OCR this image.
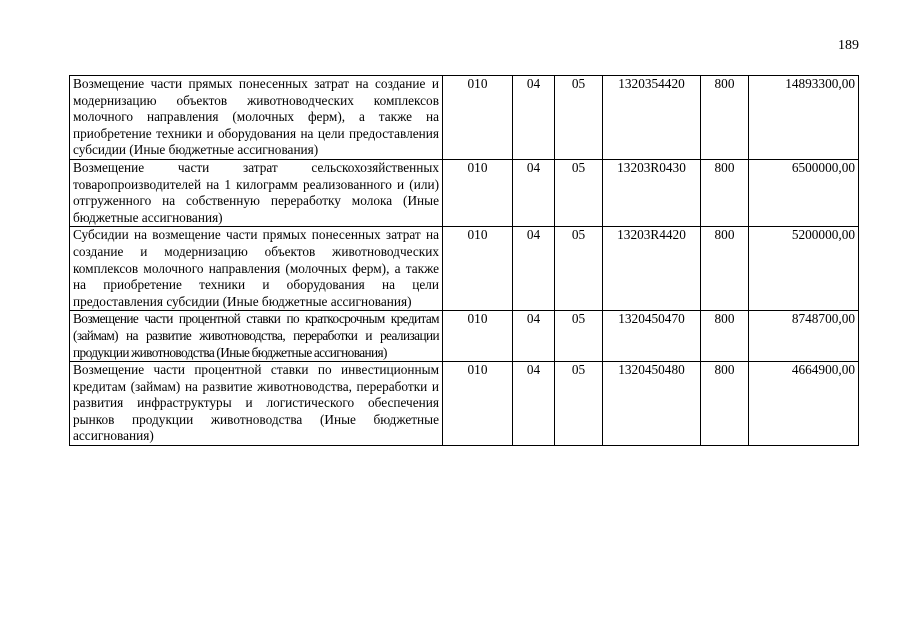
189
Возмещение части прямых понесенных затрат на создание и модернизацию объектов животноводческих комплексов молочного направления (молочных ферм), а также на приобретение техники и оборудования на цели предоставления субсидии (Иные бюджетные ассигнования)	010	04	05	1320354420	800	14893300,00
Возмещение части затрат сельскохозяйственных товаропроизводителей на 1 килограмм реализованного и (или) отгруженного на собственную переработку молока (Иные бюджетные ассигнования)	010	04	05	13203R0430	800	6500000,00
Субсидии на возмещение части прямых понесенных затрат на создание и модернизацию объектов животноводческих комплексов молочного направления (молочных ферм), а также на приобретение техники и оборудования на цели предоставления субсидии (Иные бюджетные ассигнования)	010	04	05	13203R4420	800	5200000,00
Возмещение части процентной ставки по краткосрочным кредитам (займам) на развитие животноводства, переработки и реализации продукции животноводства (Иные бюджетные ассигнования)	010	04	05	1320450470	800	8748700,00
Возмещение части процентной ставки по инвестиционным кредитам (займам) на развитие животноводства, переработки и развития инфраструктуры и логистического обеспечения рынков продукции животноводства (Иные бюджетные ассигнования)	010	04	05	1320450480	800	4664900,00
